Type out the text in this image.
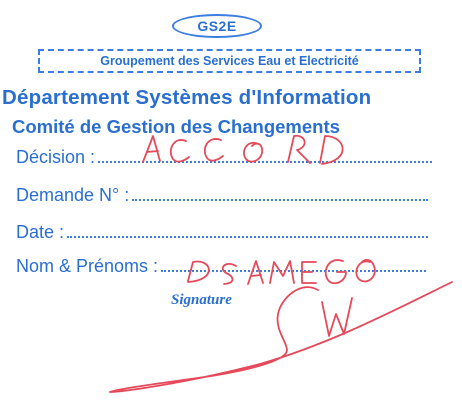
GS2E
Groupement des Services Eau et Electricité
Département Systèmes d'Information
Comité de Gestion des Changements
Décision :
Demande N° :
Date :
Nom & Prénoms :
Signature
